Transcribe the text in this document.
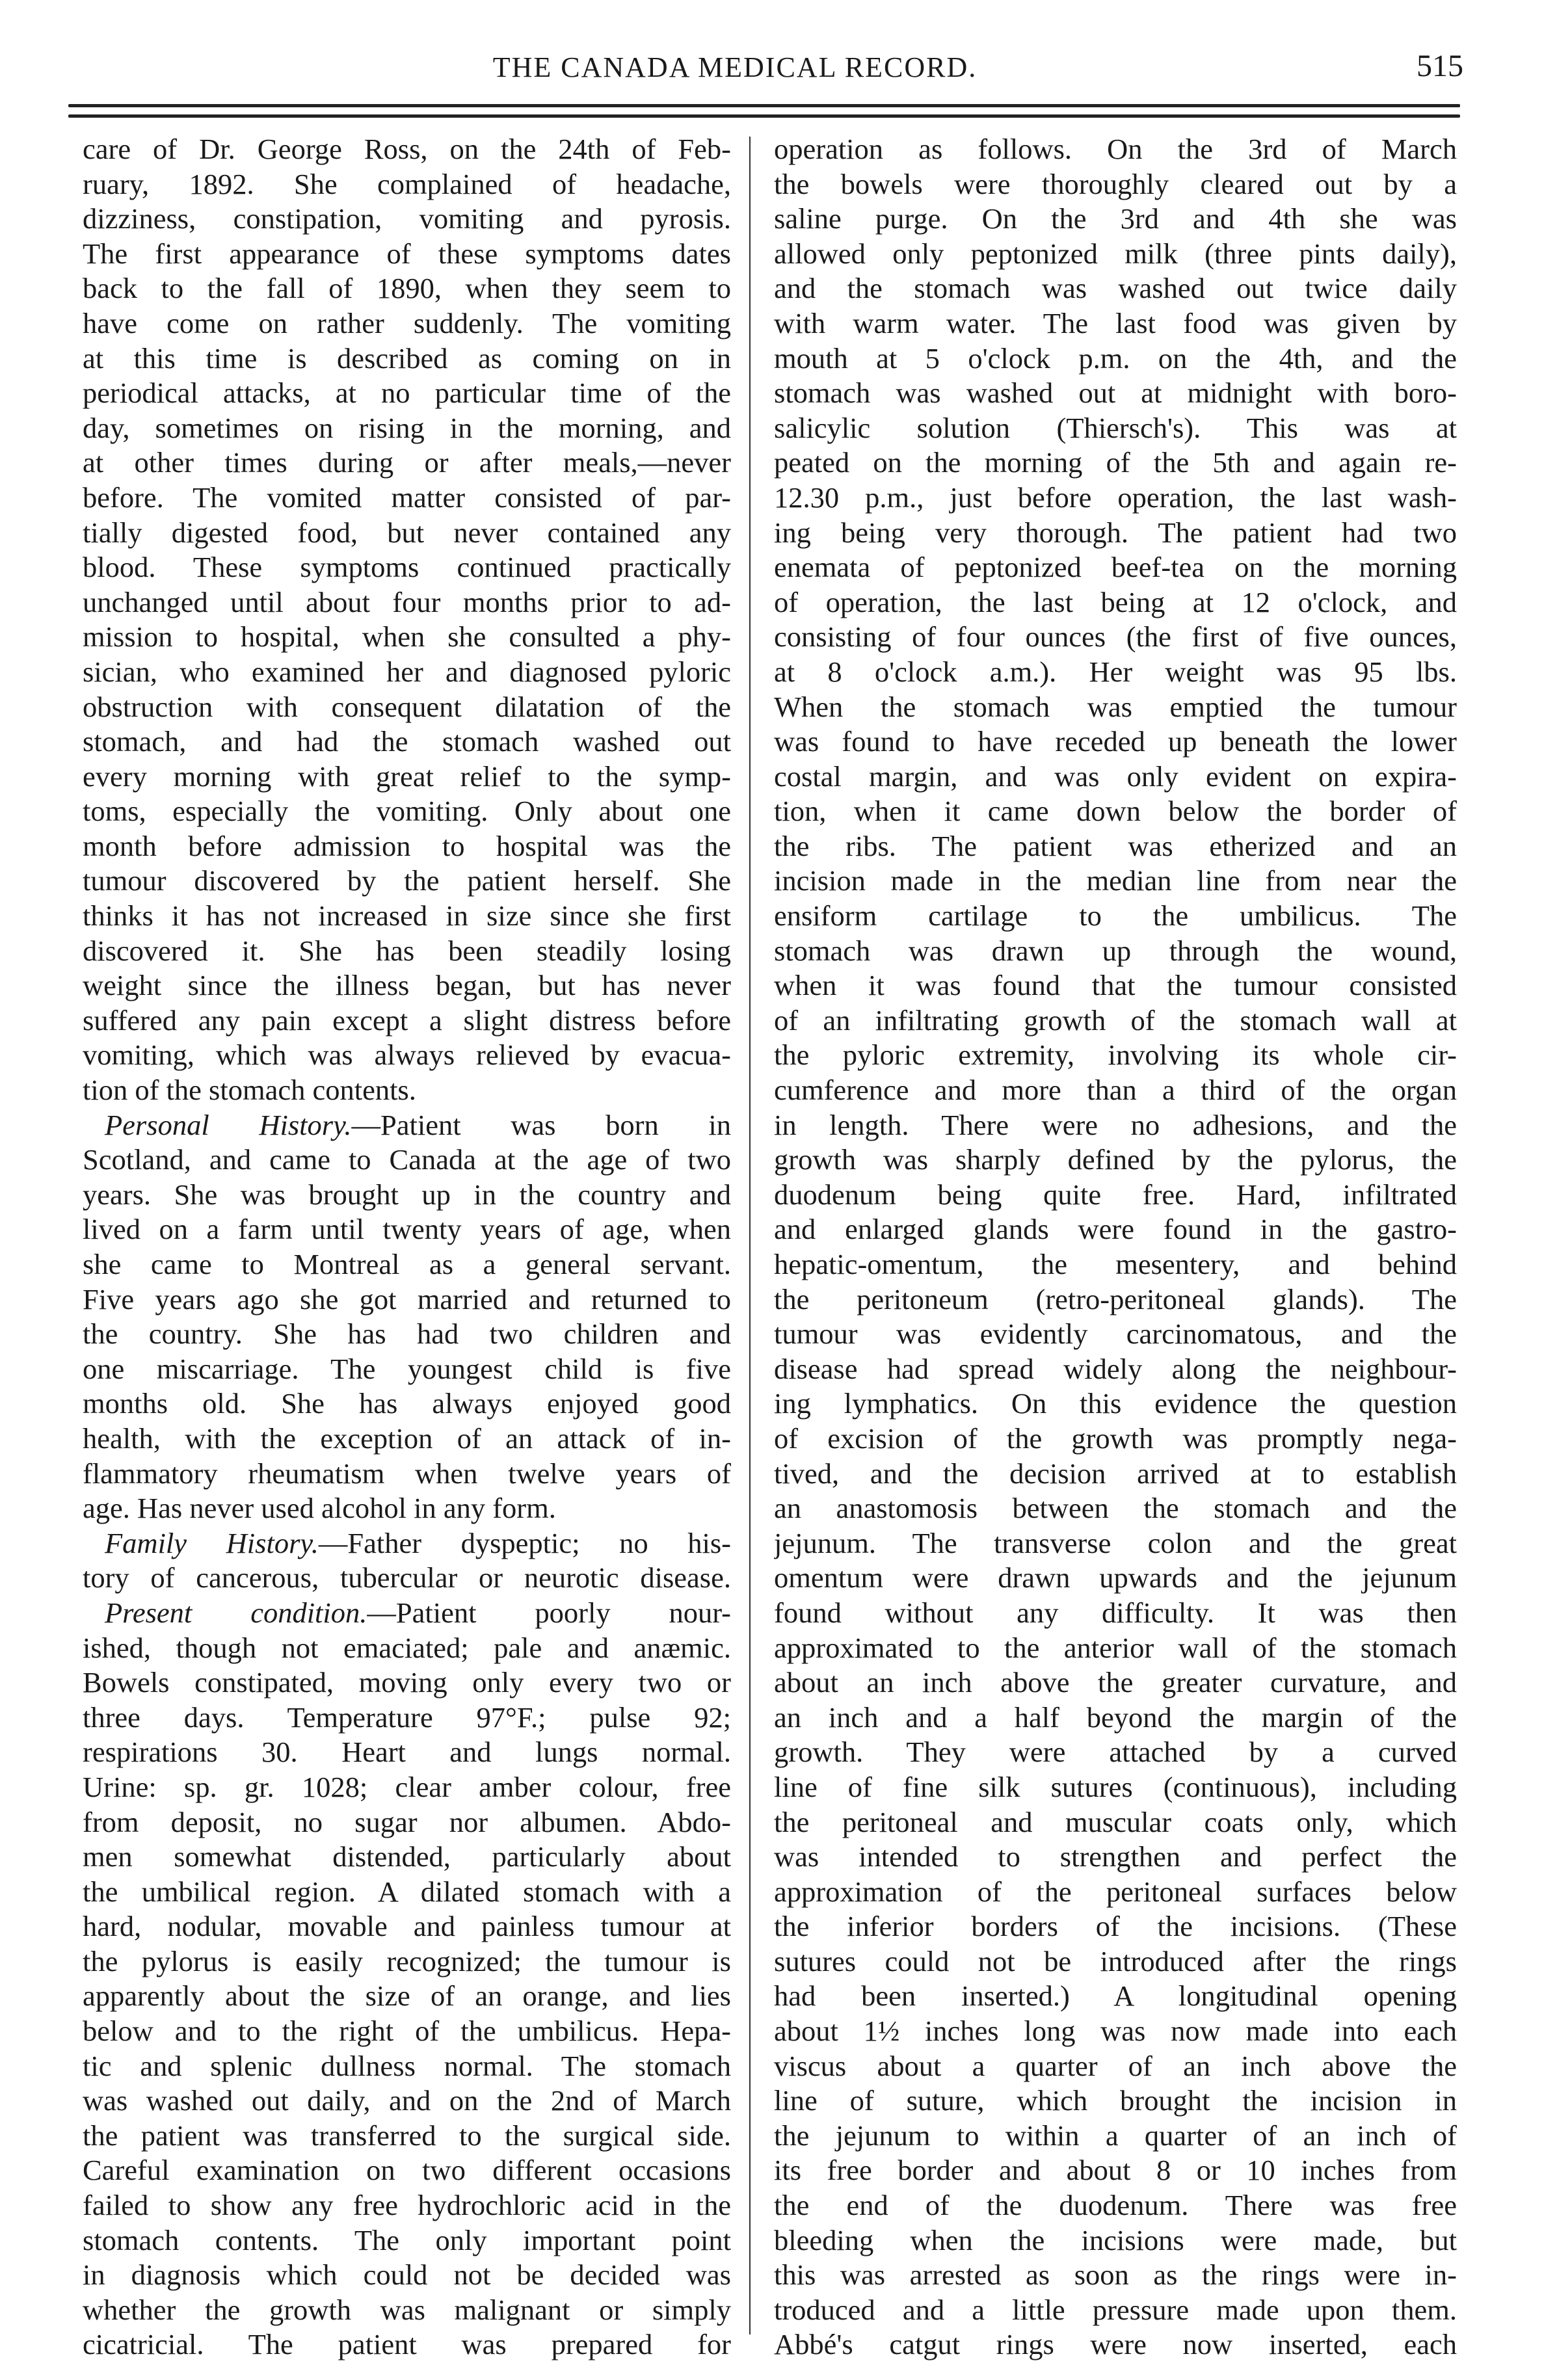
THE CANADA MEDICAL RECORD.	515
care of Dr. George Ross, on the 24th of Feb-
ruary, 1892. She complained of headache,
dizziness, constipation, vomiting and pyrosis.
The first appearance of these symptoms dates
back to the fall of 1890, when they seem to
have come on rather suddenly. The vomiting
at this time is described as coming on in
periodical attacks, at no particular time of the
day, sometimes on rising in the morning, and
at other times during or after meals,—never
before. The vomited matter consisted of par-
tially digested food, but never contained any
blood. These symptoms continued practically
unchanged until about four months prior to ad-
mission to hospital, when she consulted a phy-
sician, who examined her and diagnosed pyloric
obstruction with consequent dilatation of the
stomach, and had the stomach washed out
every morning with great relief to the symp-
toms, especially the vomiting. Only about one
month before admission to hospital was the
tumour discovered by the patient herself. She
thinks it has not increased in size since she first
discovered it. She has been steadily losing
weight since the illness began, but has never
suffered any pain except a slight distress before
vomiting, which was always relieved by evacua-
tion of the stomach contents.
Personal History.—Patient was born in
Scotland, and came to Canada at the age of two
years. She was brought up in the country and
lived on a farm until twenty years of age, when
she came to Montreal as a general servant.
Five years ago she got married and returned to
the country. She has had two children and
one miscarriage. The youngest child is five
months old. She has always enjoyed good
health, with the exception of an attack of in-
flammatory rheumatism when twelve years of
age. Has never used alcohol in any form.
Family History.—Father dyspeptic; no his-
tory of cancerous, tubercular or neurotic disease.
Present condition.—Patient poorly nour-
ished, though not emaciated; pale and anæmic.
Bowels constipated, moving only every two or
three days. Temperature 97°F.; pulse 92;
respirations 30. Heart and lungs normal.
Urine: sp. gr. 1028; clear amber colour, free
from deposit, no sugar nor albumen. Abdo-
men somewhat distended, particularly about
the umbilical region. A dilated stomach with a
hard, nodular, movable and painless tumour at
the pylorus is easily recognized; the tumour is
apparently about the size of an orange, and lies
below and to the right of the umbilicus. Hepa-
tic and splenic dullness normal. The stomach
was washed out daily, and on the 2nd of March
the patient was transferred to the surgical side.
Careful examination on two different occasions
failed to show any free hydrochloric acid in the
stomach contents. The only important point
in diagnosis which could not be decided was
whether the growth was malignant or simply
cicatricial. The patient was prepared for
operation as follows. On the 3rd of March
the bowels were thoroughly cleared out by a
saline purge. On the 3rd and 4th she was
allowed only peptonized milk (three pints daily),
and the stomach was washed out twice daily
with warm water. The last food was given by
mouth at 5 o'clock p.m. on the 4th, and the
stomach was washed out at midnight with boro-
salicylic solution (Thiersch's). This was at
peated on the morning of the 5th and again re-
12.30 p.m., just before operation, the last wash-
ing being very thorough. The patient had two
enemata of peptonized beef-tea on the morning
of operation, the last being at 12 o'clock, and
consisting of four ounces (the first of five ounces,
at 8 o'clock a.m.). Her weight was 95 lbs.
When the stomach was emptied the tumour
was found to have receded up beneath the lower
costal margin, and was only evident on expira-
tion, when it came down below the border of
the ribs. The patient was etherized and an
incision made in the median line from near the
ensiform cartilage to the umbilicus. The
stomach was drawn up through the wound,
when it was found that the tumour consisted
of an infiltrating growth of the stomach wall at
the pyloric extremity, involving its whole cir-
cumference and more than a third of the organ
in length. There were no adhesions, and the
growth was sharply defined by the pylorus, the
duodenum being quite free. Hard, infiltrated
and enlarged glands were found in the gastro-
hepatic-omentum, the mesentery, and behind
the peritoneum (retro-peritoneal glands). The
tumour was evidently carcinomatous, and the
disease had spread widely along the neighbour-
ing lymphatics. On this evidence the question
of excision of the growth was promptly nega-
tived, and the decision arrived at to establish
an anastomosis between the stomach and the
jejunum. The transverse colon and the great
omentum were drawn upwards and the jejunum
found without any difficulty. It was then
approximated to the anterior wall of the stomach
about an inch above the greater curvature, and
an inch and a half beyond the margin of the
growth. They were attached by a curved
line of fine silk sutures (continuous), including
the peritoneal and muscular coats only, which
was intended to strengthen and perfect the
approximation of the peritoneal surfaces below
the inferior borders of the incisions. (These
sutures could not be introduced after the rings
had been inserted.) A longitudinal opening
about 1½ inches long was now made into each
viscus about a quarter of an inch above the
line of suture, which brought the incision in
the jejunum to within a quarter of an inch of
its free border and about 8 or 10 inches from
the end of the duodenum. There was free
bleeding when the incisions were made, but
this was arrested as soon as the rings were in-
troduced and a little pressure made upon them.
Abbé's catgut rings were now inserted, each
